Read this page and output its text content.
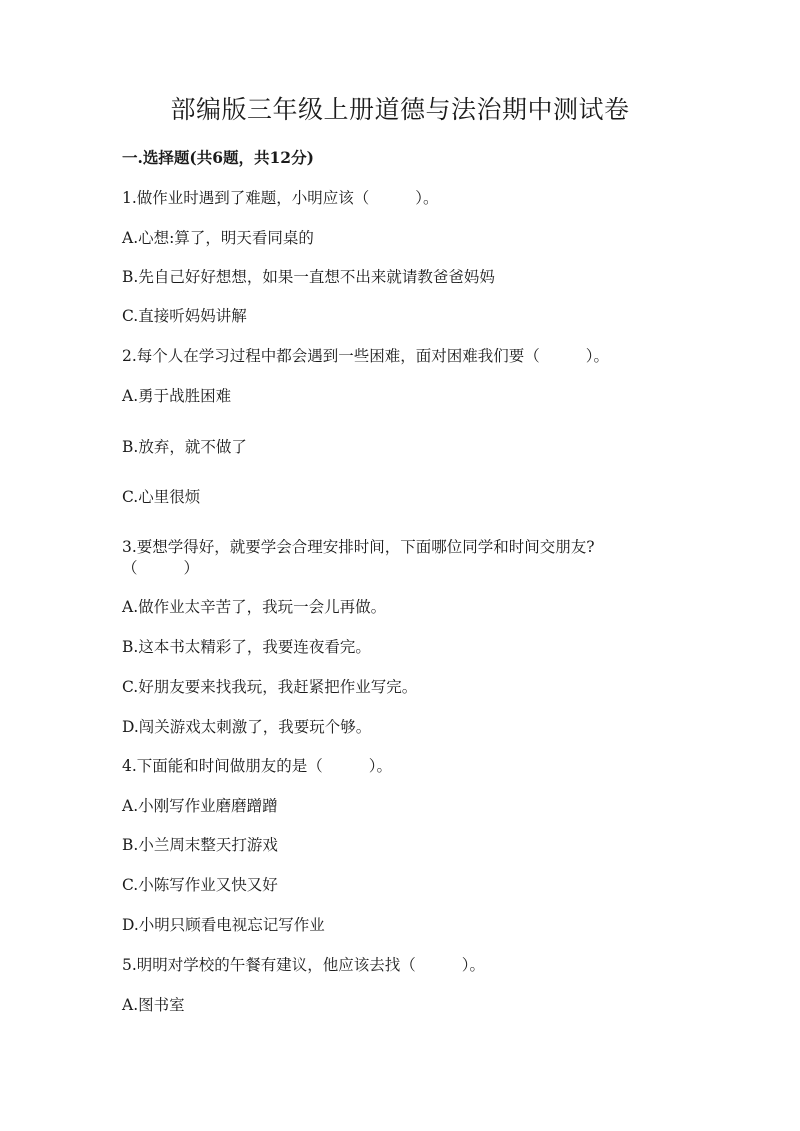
部编版三年级上册道德与法治期中测试卷

一.选择题(共6题，共12分)

1.做作业时遇到了难题，小明应该（	）。

A.心想:算了，明天看同桌的

B.先自己好好想想，如果一直想不出来就请教爸爸妈妈

C.直接听妈妈讲解

2.每个人在学习过程中都会遇到一些困难，面对困难我们要（	）。

A.勇于战胜困难

B.放弃，就不做了

C.心里很烦

3.要想学得好，就要学会合理安排时间，下面哪位同学和时间交朋友?

（	）

A.做作业太辛苦了，我玩一会儿再做。

B.这本书太精彩了，我要连夜看完。

C.好朋友要来找我玩，我赶紧把作业写完。

D.闯关游戏太刺激了，我要玩个够。

4.下面能和时间做朋友的是（	）。

A.小刚写作业磨磨蹭蹭

B.小兰周末整天打游戏

C.小陈写作业又快又好

D.小明只顾看电视忘记写作业

5.明明对学校的午餐有建议，他应该去找（	）。

A.图书室
